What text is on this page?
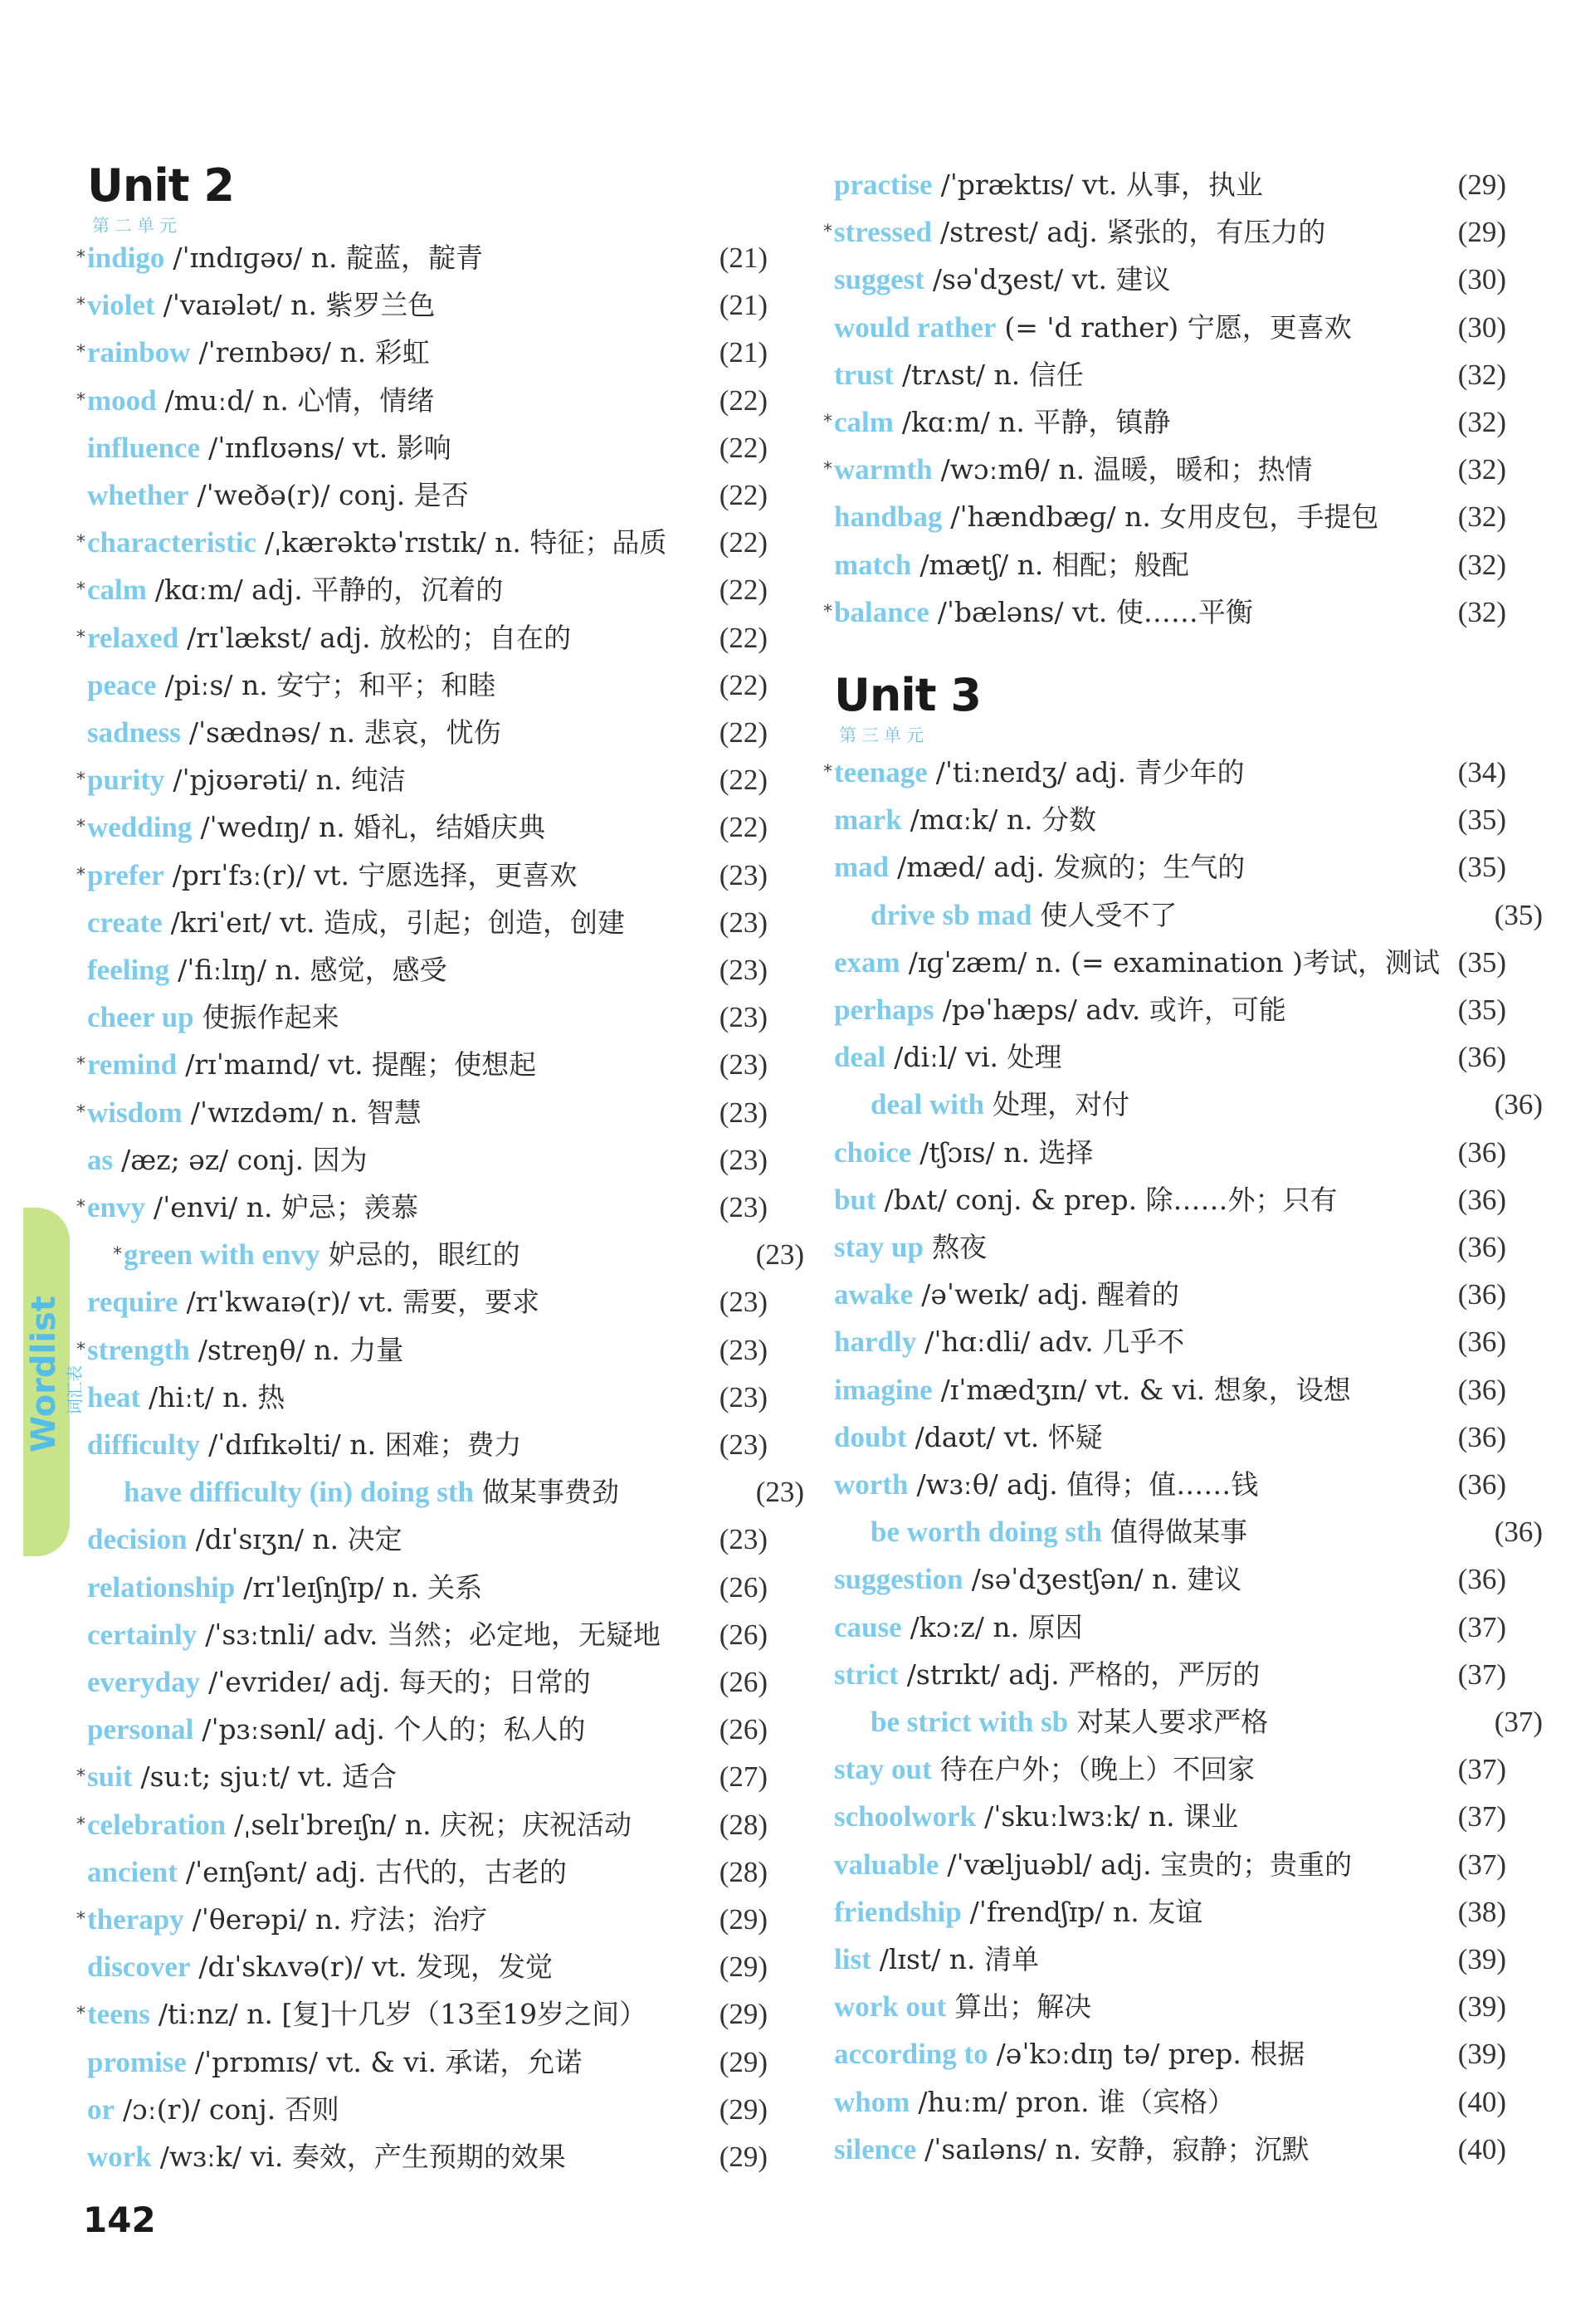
Wordlist 词汇表
Unit 2
第二单元
* indigo /ˈɪndɪɡəʊ/ n. 靛蓝，靛青	(21)
* violet /ˈvaɪələt/ n. 紫罗兰色	(21)
* rainbow /ˈreɪnbəʊ/ n. 彩虹	(21)
* mood /muːd/ n. 心情，情绪	(22)
influence /ˈɪnflʊəns/ vt. 影响	(22)
whether /ˈweðə(r)/ conj. 是否	(22)
* characteristic /ˌkærəktəˈrɪstɪk/ n. 特征；品质 (22)
* calm /kɑːm/ adj. 平静的，沉着的	(22)
* relaxed /rɪˈlækst/ adj. 放松的；自在的	(22)
peace /piːs/ n. 安宁；和平；和睦	(22)
sadness /ˈsædnəs/ n. 悲哀，忧伤	(22)
* purity /ˈpjʊərəti/ n. 纯洁	(22)
* wedding /ˈwedɪŋ/ n. 婚礼，结婚庆典	(22)
* prefer /prɪˈfɜː(r)/ vt. 宁愿选择，更喜欢	(23)
create /kriˈeɪt/ vt. 造成，引起；创造，创建	(23)
feeling /ˈfiːlɪŋ/ n. 感觉，感受	(23)
cheer up 使振作起来	(23)
* remind /rɪˈmaɪnd/ vt. 提醒；使想起	(23)
* wisdom /ˈwɪzdəm/ n. 智慧	(23)
as /æz; əz/ conj. 因为	(23)
* envy /ˈenvi/ n. 妒忌；羡慕	(23)
* green with envy 妒忌的，眼红的	(23)
require /rɪˈkwaɪə(r)/ vt. 需要，要求	(23)
* strength /streŋθ/ n. 力量	(23)
heat /hiːt/ n. 热	(23)
difficulty /ˈdɪfɪkəlti/ n. 困难；费力	(23)
have difficulty (in) doing sth 做某事费劲	(23)
decision /dɪˈsɪʒn/ n. 决定	(23)
relationship /rɪˈleɪʃnʃɪp/ n. 关系	(26)
certainly /ˈsɜːtnli/ adv. 当然；必定地，无疑地 (26)
everyday /ˈevrideɪ/ adj. 每天的；日常的	(26)
personal /ˈpɜːsənl/ adj. 个人的；私人的	(26)
* suit /suːt; sjuːt/ vt. 适合	(27)
* celebration /ˌselɪˈbreɪʃn/ n. 庆祝；庆祝活动	(28)
ancient /ˈeɪnʃənt/ adj. 古代的，古老的	(28)
* therapy /ˈθerəpi/ n. 疗法；治疗	(29)
discover /dɪˈskʌvə(r)/ vt. 发现，发觉	(29)
* teens /tiːnz/ n. [复]十几岁（13至19岁之间）	(29)
promise /ˈprɒmɪs/ vt. & vi. 承诺，允诺	(29)
or /ɔː(r)/ conj. 否则	(29)
work /wɜːk/ vi. 奏效，产生预期的效果	(29)
practise /ˈpræktɪs/ vt. 从事，执业	(29)
* stressed /strest/ adj. 紧张的，有压力的	(29)
suggest /səˈdʒest/ vt. 建议	(30)
would rather (= 'd rather) 宁愿，更喜欢	(30)
trust /trʌst/ n. 信任	(32)
* calm /kɑːm/ n. 平静，镇静	(32)
* warmth /wɔːmθ/ n. 温暖，暖和；热情	(32)
handbag /ˈhændbæɡ/ n. 女用皮包，手提包	(32)
match /mætʃ/ n. 相配；般配	(32)
* balance /ˈbæləns/ vt. 使……平衡	(32)
Unit 3
第三单元
* teenage /ˈtiːneɪdʒ/ adj. 青少年的	(34)
mark /mɑːk/ n. 分数	(35)
mad /mæd/ adj. 发疯的；生气的	(35)
drive sb mad 使人受不了	(35)
exam /ɪɡˈzæm/ n. (= examination )考试，测试 (35)
perhaps /pəˈhæps/ adv. 或许，可能	(35)
deal /diːl/ vi. 处理	(36)
deal with 处理，对付	(36)
choice /tʃɔɪs/ n. 选择	(36)
but /bʌt/ conj. & prep. 除……外；只有	(36)
stay up 熬夜	(36)
awake /əˈweɪk/ adj. 醒着的	(36)
hardly /ˈhɑːdli/ adv. 几乎不	(36)
imagine /ɪˈmædʒɪn/ vt. & vi. 想象，设想	(36)
doubt /daʊt/ vt. 怀疑	(36)
worth /wɜːθ/ adj. 值得；值……钱	(36)
be worth doing sth 值得做某事	(36)
suggestion /səˈdʒestʃən/ n. 建议	(36)
cause /kɔːz/ n. 原因	(37)
strict /strɪkt/ adj. 严格的，严厉的	(37)
be strict with sb 对某人要求严格	(37)
stay out 待在户外；（晚上）不回家	(37)
schoolwork /ˈskuːlwɜːk/ n. 课业	(37)
valuable /ˈvæljuəbl/ adj. 宝贵的；贵重的	(37)
friendship /ˈfrendʃɪp/ n. 友谊	(38)
list /lɪst/ n. 清单	(39)
work out 算出；解决	(39)
according to /əˈkɔːdɪŋ tə/ prep. 根据	(39)
whom /huːm/ pron. 谁（宾格）	(40)
silence /ˈsaɪləns/ n. 安静，寂静；沉默	(40)
142
